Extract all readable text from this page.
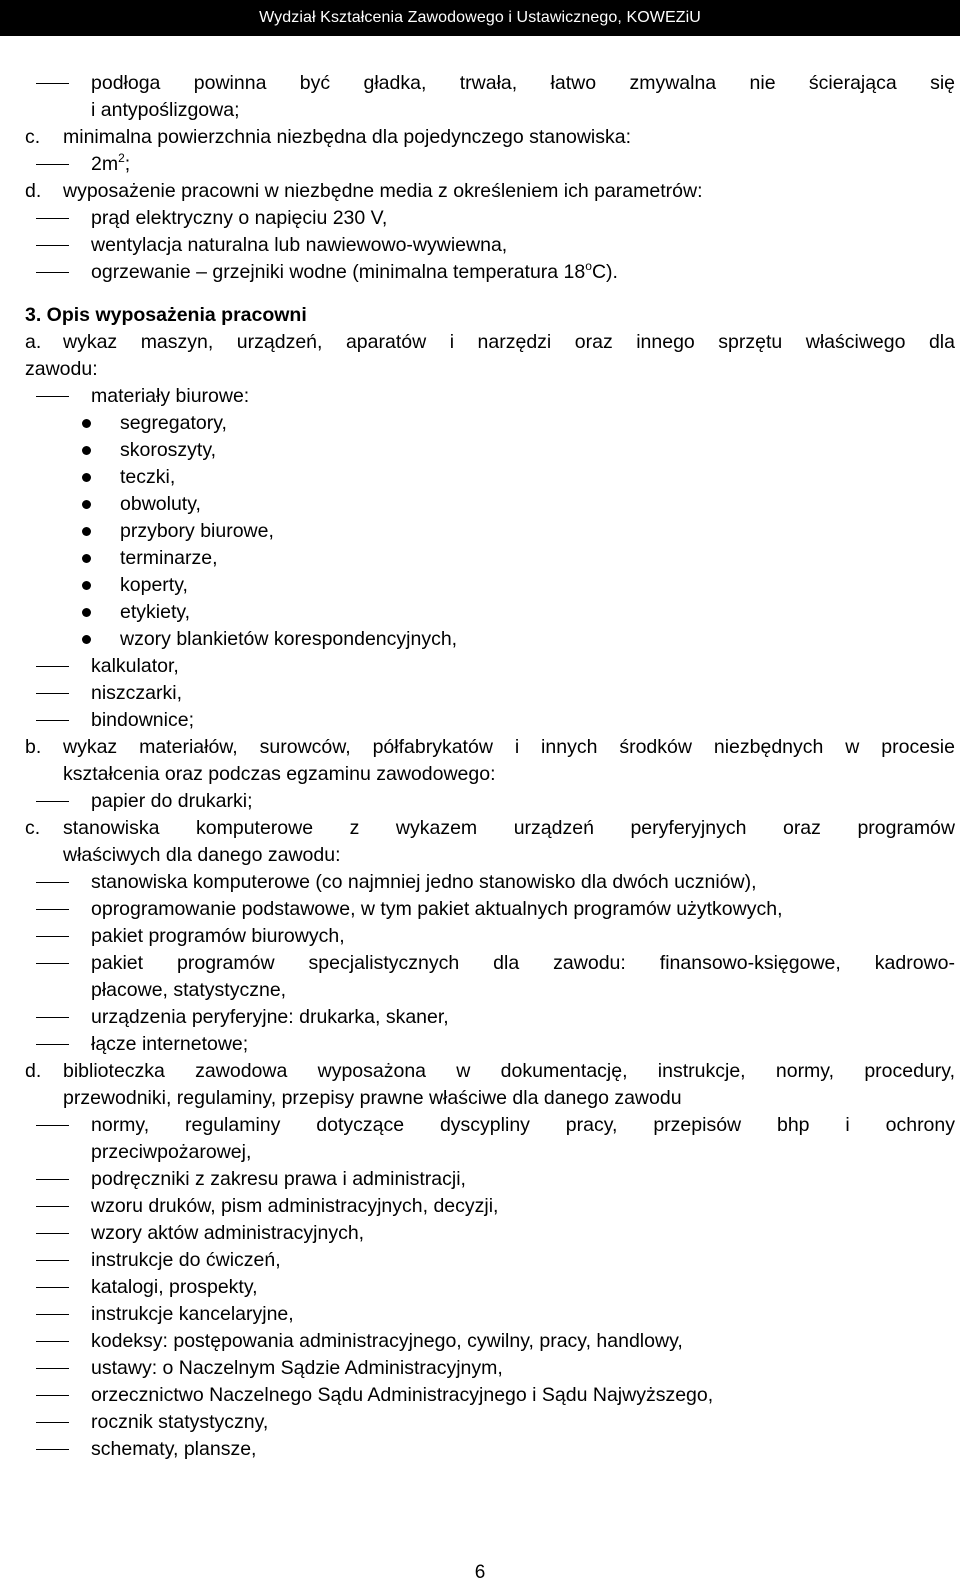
Wydział Kształcenia Zawodowego i Ustawicznego, KOWEZiU
podłoga powinna być gładka, trwała, łatwo zmywalna nie ścierająca się
i antypoślizgowa;
c. minimalna powierzchnia niezbędna dla pojedynczego stanowiska:
$2m^2$;
d. wyposażenie pracowni w niezbędne media z określeniem ich parametrów:
prąd elektryczny o napięciu 230 V,
wentylacja naturalna lub nawiewowo-wywiewna,
ogrzewanie – grzejniki wodne (minimalna temperatura 18$^o$C).
3. Opis wyposażenia pracowni
a. wykaz maszyn, urządzeń, aparatów i narzędzi oraz innego sprzętu właściwego dla
zawodu:
materiały biurowe:
segregatory,
skoroszyty,
teczki,
obwoluty,
przybory biurowe,
terminarze,
koperty,
etykiety,
wzory blankietów korespondencyjnych,
kalkulator,
niszczarki,
bindownice;
b. wykaz materiałów, surowców, półfabrykatów i innych środków niezbędnych w procesie
kształcenia oraz podczas egzaminu zawodowego:
papier do drukarki;
c. stanowiska komputerowe z wykazem urządzeń peryferyjnych oraz programów
właściwych dla danego zawodu:
stanowiska komputerowe (co najmniej jedno stanowisko dla dwóch uczniów),
oprogramowanie podstawowe, w tym pakiet aktualnych programów użytkowych,
pakiet programów biurowych,
pakiet programów specjalistycznych dla zawodu: finansowo-księgowe, kadrowo-
płacowe, statystyczne,
urządzenia peryferyjne: drukarka, skaner,
łącze internetowe;
d. biblioteczka zawodowa wyposażona w dokumentację, instrukcje, normy, procedury,
przewodniki, regulaminy, przepisy prawne właściwe dla danego zawodu
normy, regulaminy dotyczące dyscypliny pracy, przepisów bhp i ochrony
przeciwpożarowej,
podręczniki z zakresu prawa i administracji,
wzoru druków, pism administracyjnych, decyzji,
wzory aktów administracyjnych,
instrukcje do ćwiczeń,
katalogi, prospekty,
instrukcje kancelaryjne,
kodeksy: postępowania administracyjnego, cywilny, pracy, handlowy,
ustawy: o Naczelnym Sądzie Administracyjnym,
orzecznictwo Naczelnego Sądu Administracyjnego i Sądu Najwyższego,
rocznik statystyczny,
schematy, plansze,
6
